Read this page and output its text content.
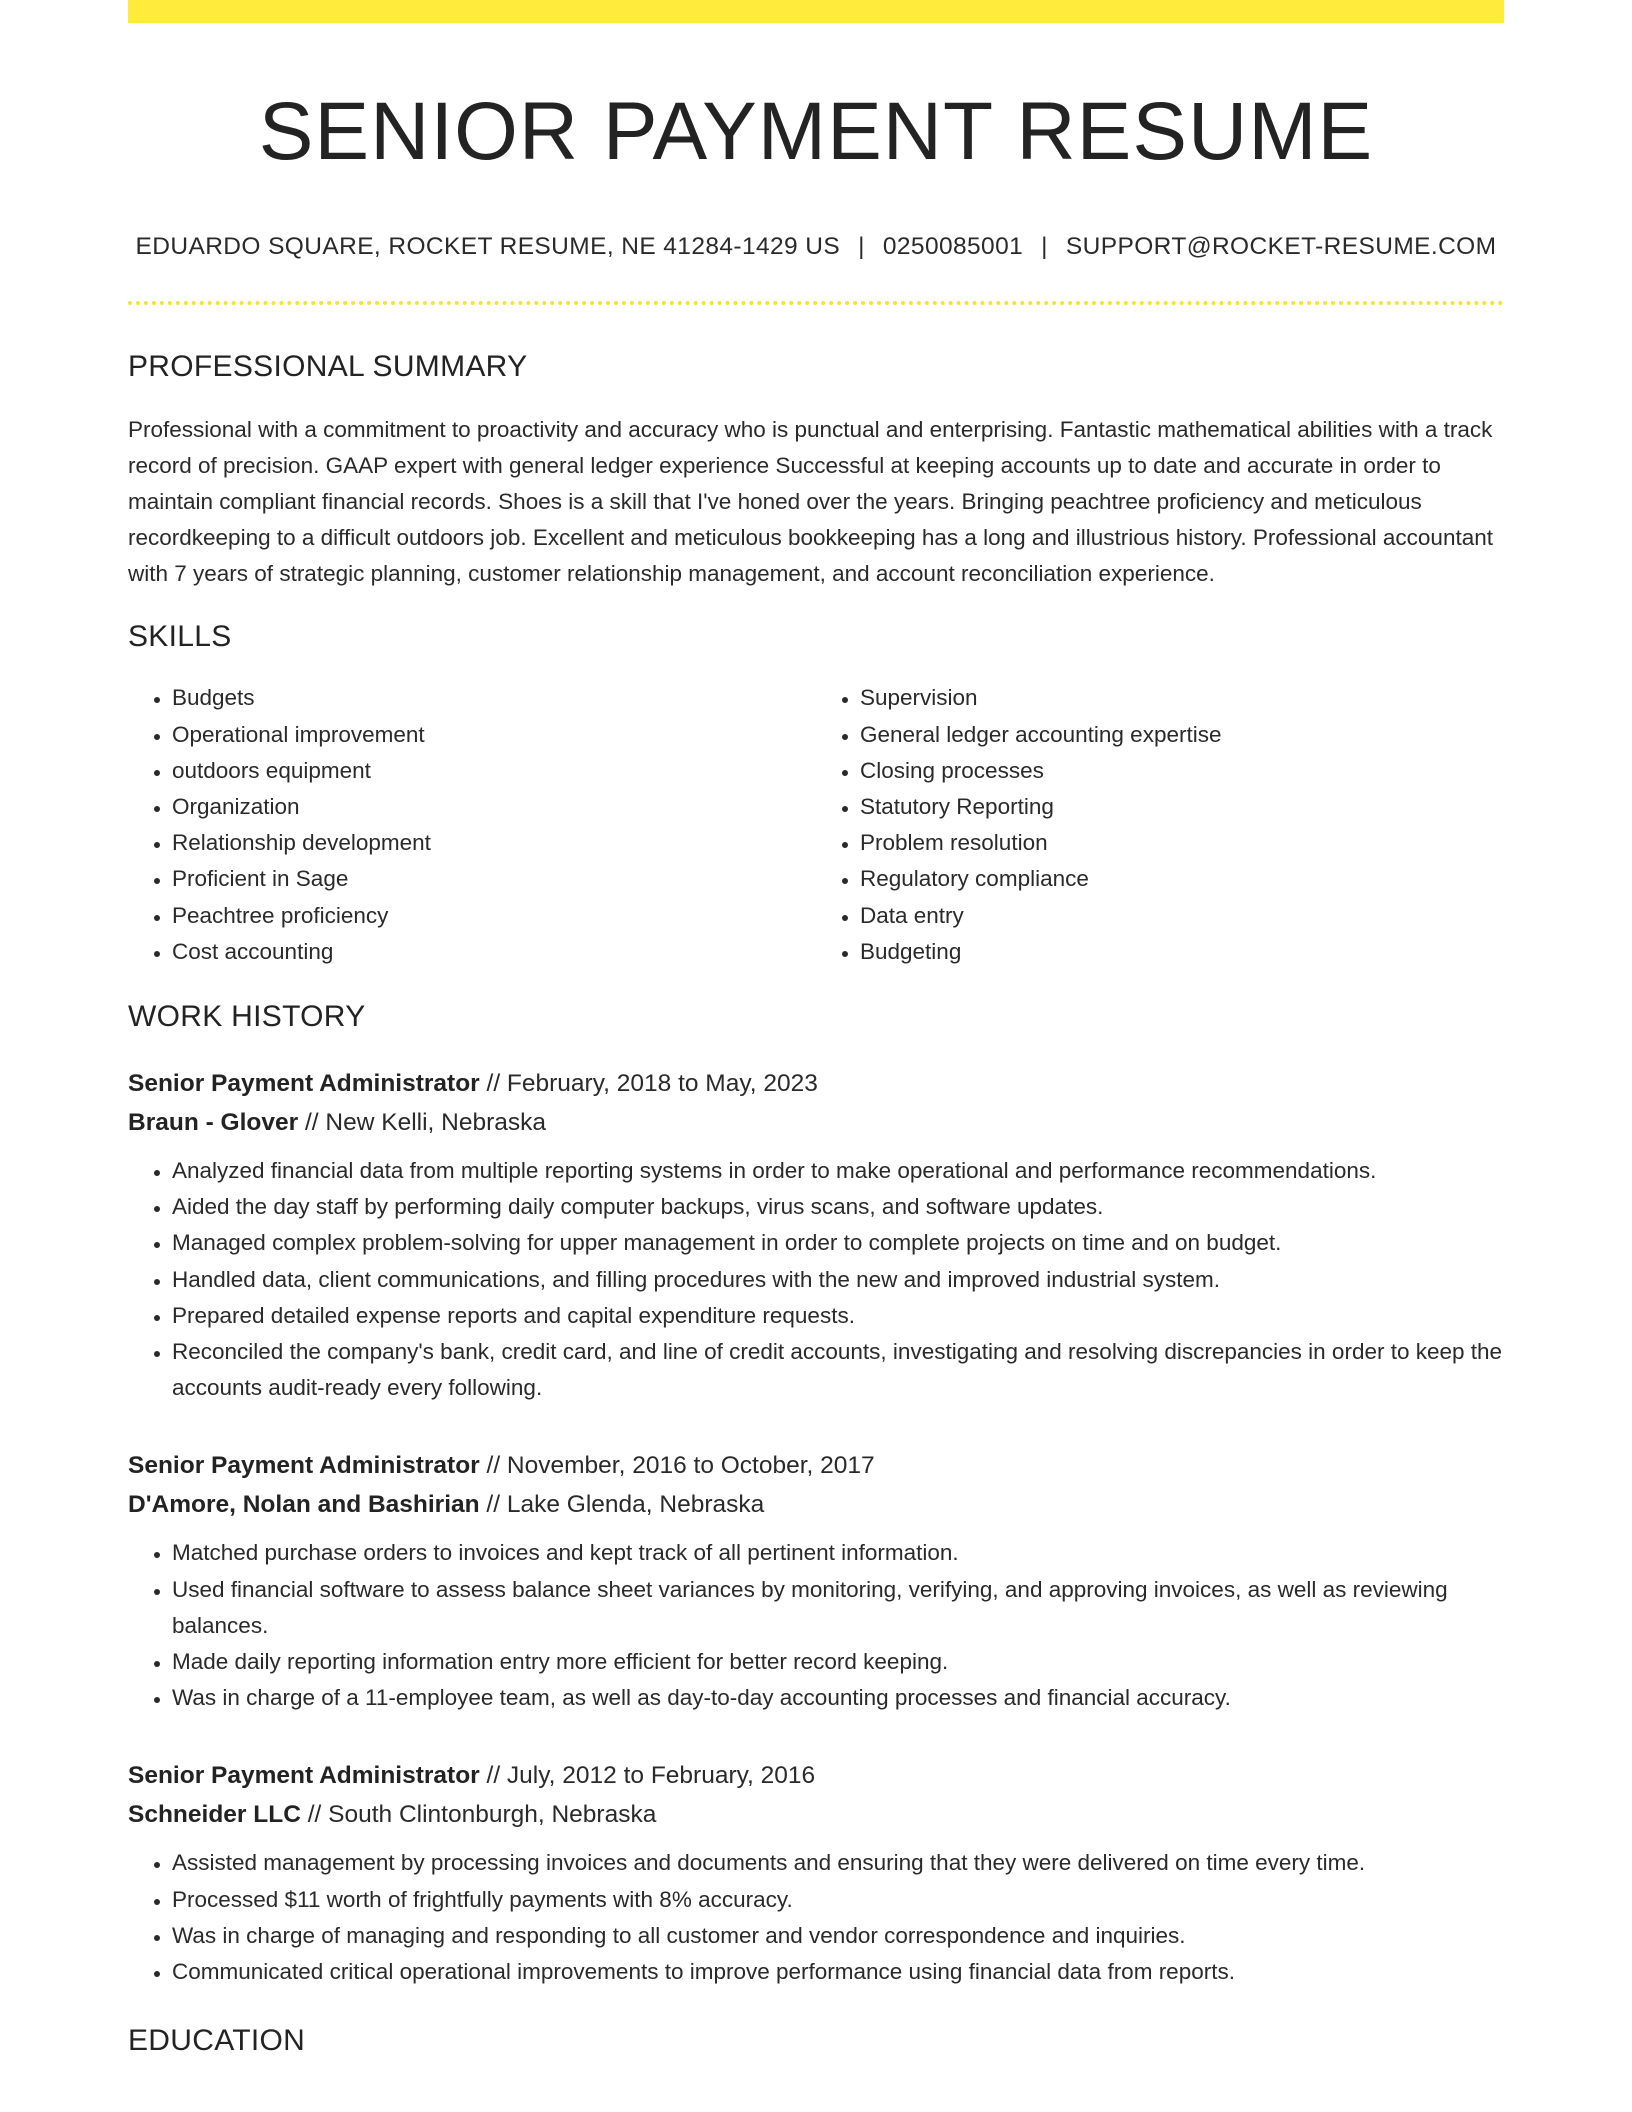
SENIOR PAYMENT RESUME
EDUARDO SQUARE, ROCKET RESUME, NE 41284-1429 US | 0250085001 | SUPPORT@ROCKET-RESUME.COM
PROFESSIONAL SUMMARY

Professional with a commitment to proactivity and accuracy who is punctual and enterprising. Fantastic mathematical abilities with a track record of precision. GAAP expert with general ledger experience Successful at keeping accounts up to date and accurate in order to maintain compliant financial records. Shoes is a skill that I've honed over the years. Bringing peachtree proficiency and meticulous recordkeeping to a difficult outdoors job. Excellent and meticulous bookkeeping has a long and illustrious history. Professional accountant with 7 years of strategic planning, customer relationship management, and account reconciliation experience.

SKILLS
• Budgets
• Operational improvement
• outdoors equipment
• Organization
• Relationship development
• Proficient in Sage
• Peachtree proficiency
• Cost accounting
• Supervision
• General ledger accounting expertise
• Closing processes
• Statutory Reporting
• Problem resolution
• Regulatory compliance
• Data entry
• Budgeting
WORK HISTORY
Senior Payment Administrator // February, 2018 to May, 2023
Braun - Glover // New Kelli, Nebraska
• Analyzed financial data from multiple reporting systems in order to make operational and performance recommendations.
• Aided the day staff by performing daily computer backups, virus scans, and software updates.
• Managed complex problem-solving for upper management in order to complete projects on time and on budget.
• Handled data, client communications, and filling procedures with the new and improved industrial system.
• Prepared detailed expense reports and capital expenditure requests.
• Reconciled the company's bank, credit card, and line of credit accounts, investigating and resolving discrepancies in order to keep the accounts audit-ready every following.
Senior Payment Administrator // November, 2016 to October, 2017
D'Amore, Nolan and Bashirian // Lake Glenda, Nebraska
• Matched purchase orders to invoices and kept track of all pertinent information.
• Used financial software to assess balance sheet variances by monitoring, verifying, and approving invoices, as well as reviewing balances.
• Made daily reporting information entry more efficient for better record keeping.
• Was in charge of a 11-employee team, as well as day-to-day accounting processes and financial accuracy.
Senior Payment Administrator // July, 2012 to February, 2016
Schneider LLC // South Clintonburgh, Nebraska
• Assisted management by processing invoices and documents and ensuring that they were delivered on time every time.
• Processed $11 worth of frightfully payments with 8% accuracy.
• Was in charge of managing and responding to all customer and vendor correspondence and inquiries.
• Communicated critical operational improvements to improve performance using financial data from reports.
EDUCATION
